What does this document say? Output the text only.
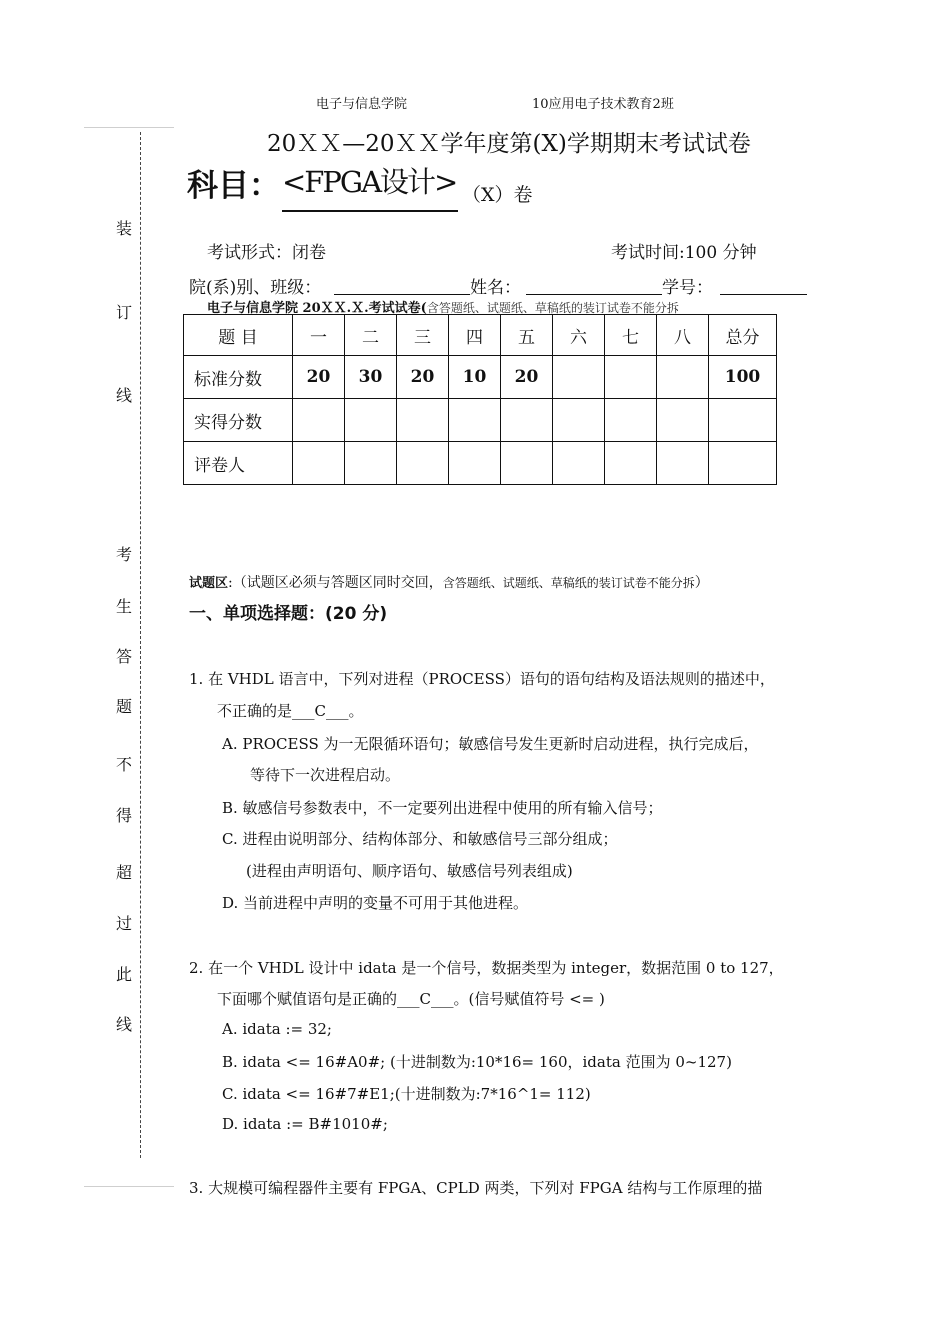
电子与信息学院	10应用电子技术教育2班
装
订
线
考
生
答
题
不
得
超
过
此
线
20ＸＸ—20ＸＸ学年度第(X)学期期末考试试卷
科目： <FPGA设计> （X）卷
考试形式：闭卷	考试时间:100 分钟
院(系)别、班级：	姓名：	学号：
电子与信息学院 20ＸＸ.Ｘ.考试试卷(含答题纸、试题纸、草稿纸的装订试卷不能分拆
题 目	一	二	三	四	五	六	七	八	总分
标准分数	20	30	20	10	20				100
实得分数									
评卷人									
试题区:（试题区必须与答题区同时交回，含答题纸、试题纸、草稿纸的装订试卷不能分拆）
一、单项选择题：(20 分)
1. 在 VHDL 语言中，下列对进程（PROCESS）语句的语句结构及语法规则的描述中，
不正确的是___C___。
A. PROCESS 为一无限循环语句；敏感信号发生更新时启动进程，执行完成后，
等待下一次进程启动。
B. 敏感信号参数表中，不一定要列出进程中使用的所有输入信号；
C. 进程由说明部分、结构体部分、和敏感信号三部分组成；
(进程由声明语句、顺序语句、敏感信号列表组成)
D. 当前进程中声明的变量不可用于其他进程。
2. 在一个 VHDL 设计中 idata 是一个信号，数据类型为 integer，数据范围 0 to 127，
下面哪个赋值语句是正确的___C___。(信号赋值符号 <= )
A. idata := 32;
B. idata <= 16#A0#; (十进制数为:10*16= 160，idata 范围为 0~127)
C. idata <= 16#7#E1;(十进制数为:7*16^1= 112)
D. idata := B#1010#;
3. 大规模可编程器件主要有 FPGA、CPLD 两类，下列对 FPGA 结构与工作原理的描
